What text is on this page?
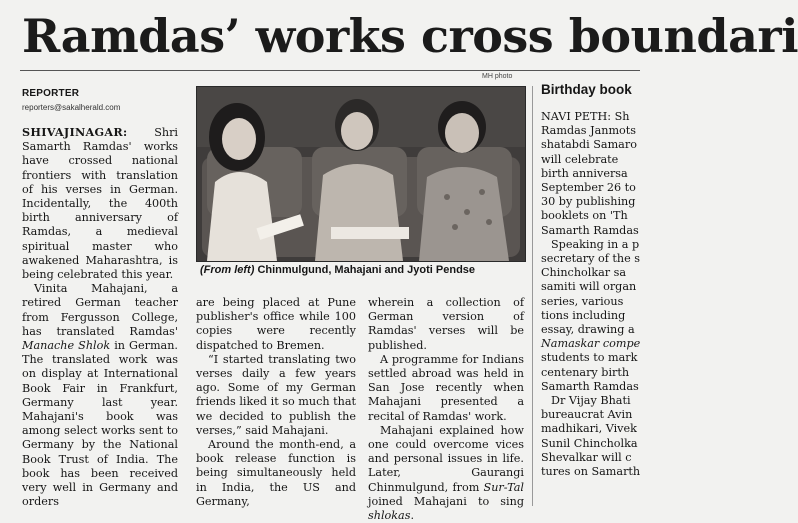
Ramdas’ works cross boundari
REPORTER
reporters@sakalherald.com
MH photo

SHIVAJINAGAR: Shri Samarth Ramdas' works have crossed national frontiers with translation of his verses in German. Incidentally, the 400th birth anniversary of Ramdas, a medieval spiritual master who awakened Maharashtra, is being celebrated this year.

Vinita Mahajani, a retired German teacher from Fergusson College, has translated Ramdas' Manache Shlok in German. The translated work was on display at International Book Fair in Frankfurt, Germany last year. Mahajani's book was among select works sent to Germany by the National Book Trust of India. The book has been received very well in Germany and orders

(From left) Chinmulgund, Mahajani and Jyoti Pendse

are being placed at Pune publisher's office while 100 copies were recently dispatched to Bremen.

“I started translating two verses daily a few years ago. Some of my German friends liked it so much that we decided to publish the verses,” said Mahajani.

Around the month-end, a book release function is being simultaneously held in India, the US and Germany,

wherein a collection of German version of Ramdas' verses will be published.

A programme for Indians settled abroad was held in San Jose recently when Mahajani presented a recital of Ramdas' work.

Mahajani explained how one could overcome vices and personal issues in life. Later, Gaurangi Chinmulgund, from Sur-Tal joined Mahajani to sing shlokas.

Birthday book
NAVI PETH: Sh
Ramdas Janmots
shatabdi Samaro
will celebrate
birth anniversa
September 26 to
30 by publishing
booklets on 'Th
Samarth Ramdas
Speaking in a p
secretary of the s
Chincholkar sa
samiti will organ
series, various
tions including
essay, drawing a
Namaskar compe
students to mark
centenary birth
Samarth Ramdas
Dr Vijay Bhati
bureaucrat Avin
madhikari, Vivek
Sunil Chincholka
Shevalkar will c
tures on Samarth
